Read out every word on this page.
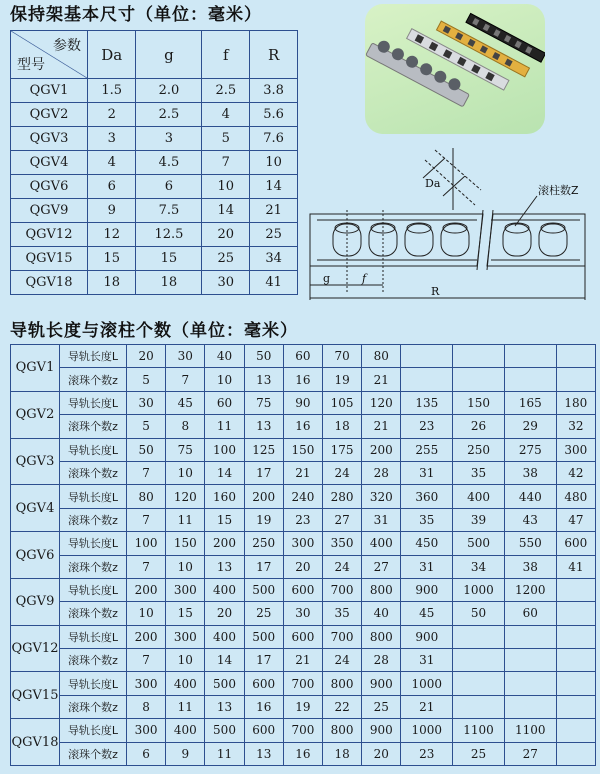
保持架基本尺寸（单位：毫米）
参数
型号	Da	g	f	R
QGV1	1.5	2.0	2.5	3.8
QGV2	2	2.5	4	5.6
QGV3	3	3	5	7.6
QGV4	4	4.5	7	10
QGV6	6	6	10	14
QGV9	9	7.5	14	21
QGV12	12	12.5	20	25
QGV15	15	15	25	34
QGV18	18	18	30	41
Da
滚柱数Z
g	f
R
导轨长度与滚柱个数（单位：毫米）
QGV1	导轨长度L	20	30	40	50	60	70	80				
	滚珠个数z	5	7	10	13	16	19	21				
QGV2	导轨长度L	30	45	60	75	90	105	120	135	150	165	180
	滚珠个数z	5	8	11	13	16	18	21	23	26	29	32
QGV3	导轨长度L	50	75	100	125	150	175	200	255	250	275	300
	滚珠个数z	7	10	14	17	21	24	28	31	35	38	42
QGV4	导轨长度L	80	120	160	200	240	280	320	360	400	440	480
	滚珠个数z	7	11	15	19	23	27	31	35	39	43	47
QGV6	导轨长度L	100	150	200	250	300	350	400	450	500	550	600
	滚珠个数z	7	10	13	17	20	24	27	31	34	38	41
QGV9	导轨长度L	200	300	400	500	600	700	800	900	1000	1200	
	滚珠个数z	10	15	20	25	30	35	40	45	50	60	
QGV12	导轨长度L	200	300	400	500	600	700	800	900			
	滚珠个数z	7	10	14	17	21	24	28	31			
QGV15	导轨长度L	300	400	500	600	700	800	900	1000			
	滚珠个数z	8	11	13	16	19	22	25	21			
QGV18	导轨长度L	300	400	500	600	700	800	900	1000	1100	1100	
	滚珠个数z	6	9	11	13	16	18	20	23	25	27	
